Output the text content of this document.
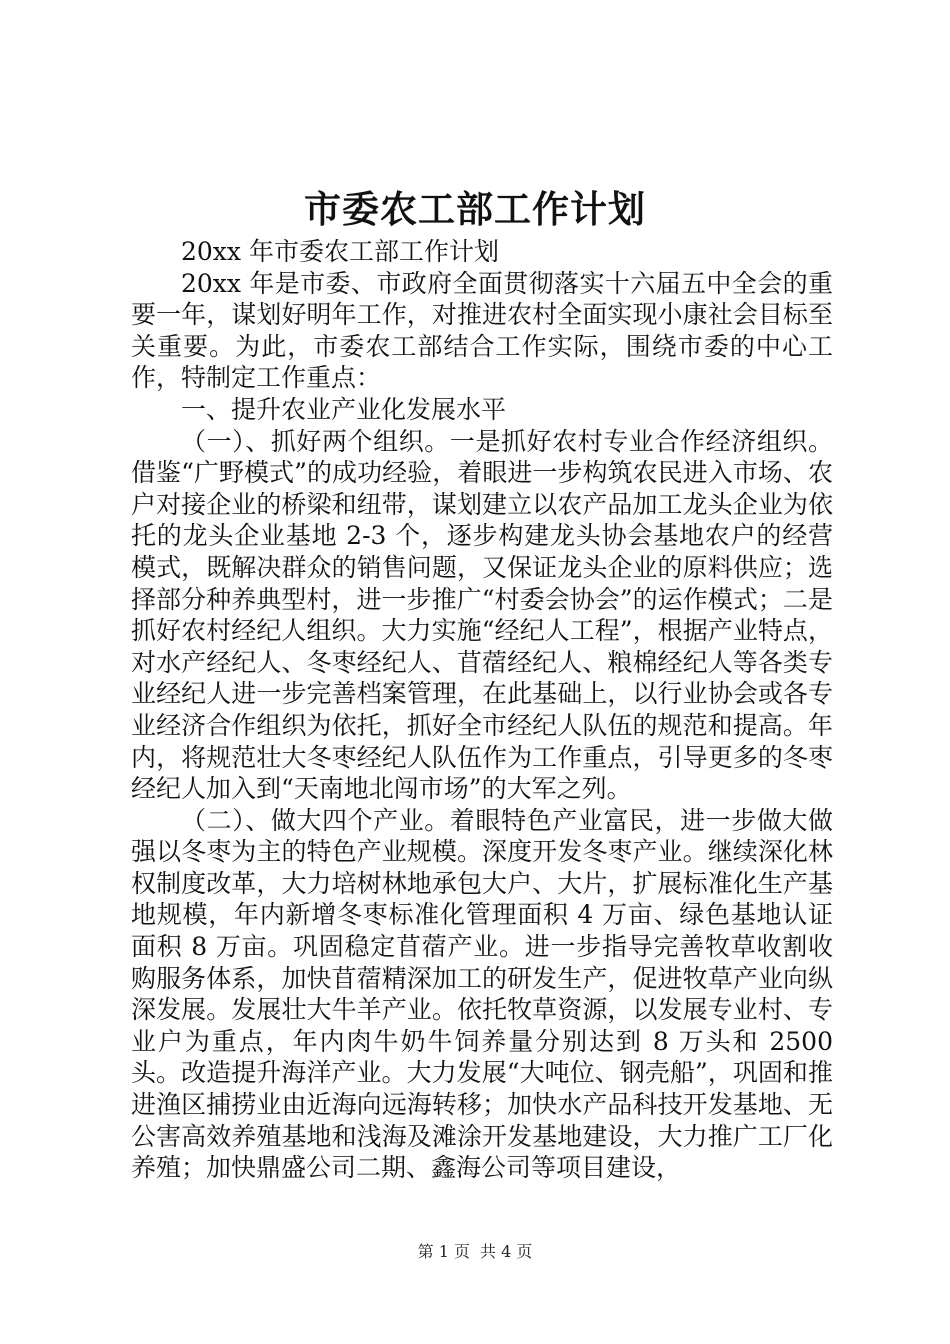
市委农工部工作计划

20xx 年市委农工部工作计划

20xx 年是市委、市政府全面贯彻落实十六届五中全会的重要一年，谋划好明年工作，对推进农村全面实现小康社会目标至关重要。为此，市委农工部结合工作实际，围绕市委的中心工作，特制定工作重点：

一、提升农业产业化发展水平

（一）、抓好两个组织。一是抓好农村专业合作经济组织。借鉴“广野模式”的成功经验，着眼进一步构筑农民进入市场、农户对接企业的桥梁和纽带，谋划建立以农产品加工龙头企业为依托的龙头企业基地 2-3 个，逐步构建龙头协会基地农户的经营模式，既解决群众的销售问题，又保证龙头企业的原料供应；选择部分种养典型村，进一步推广“村委会协会”的运作模式；二是抓好农村经纪人组织。大力实施“经纪人工程”，根据产业特点，对水产经纪人、冬枣经纪人、苜蓿经纪人、粮棉经纪人等各类专业经纪人进一步完善档案管理，在此基础上，以行业协会或各专业经济合作组织为依托，抓好全市经纪人队伍的规范和提高。年内，将规范壮大冬枣经纪人队伍作为工作重点，引导更多的冬枣经纪人加入到“天南地北闯市场”的大军之列。

（二）、做大四个产业。着眼特色产业富民，进一步做大做强以冬枣为主的特色产业规模。深度开发冬枣产业。继续深化林权制度改革，大力培树林地承包大户、大片，扩展标准化生产基地规模，年内新增冬枣标准化管理面积 4 万亩、绿色基地认证面积 8 万亩。巩固稳定苜蓿产业。进一步指导完善牧草收割收购服务体系，加快苜蓿精深加工的研发生产，促进牧草产业向纵深发展。发展壮大牛羊产业。依托牧草资源，以发展专业村、专业户为重点，年内肉牛奶牛饲养量分别达到 8 万头和 2500 头。改造提升海洋产业。大力发展“大吨位、钢壳船”，巩固和推进渔区捕捞业由近海向远海转移；加快水产品科技开发基地、无公害高效养殖基地和浅海及滩涂开发基地建设，大力推广工厂化养殖；加快鼎盛公司二期、鑫海公司等项目建设，

第 1 页 共 4 页
